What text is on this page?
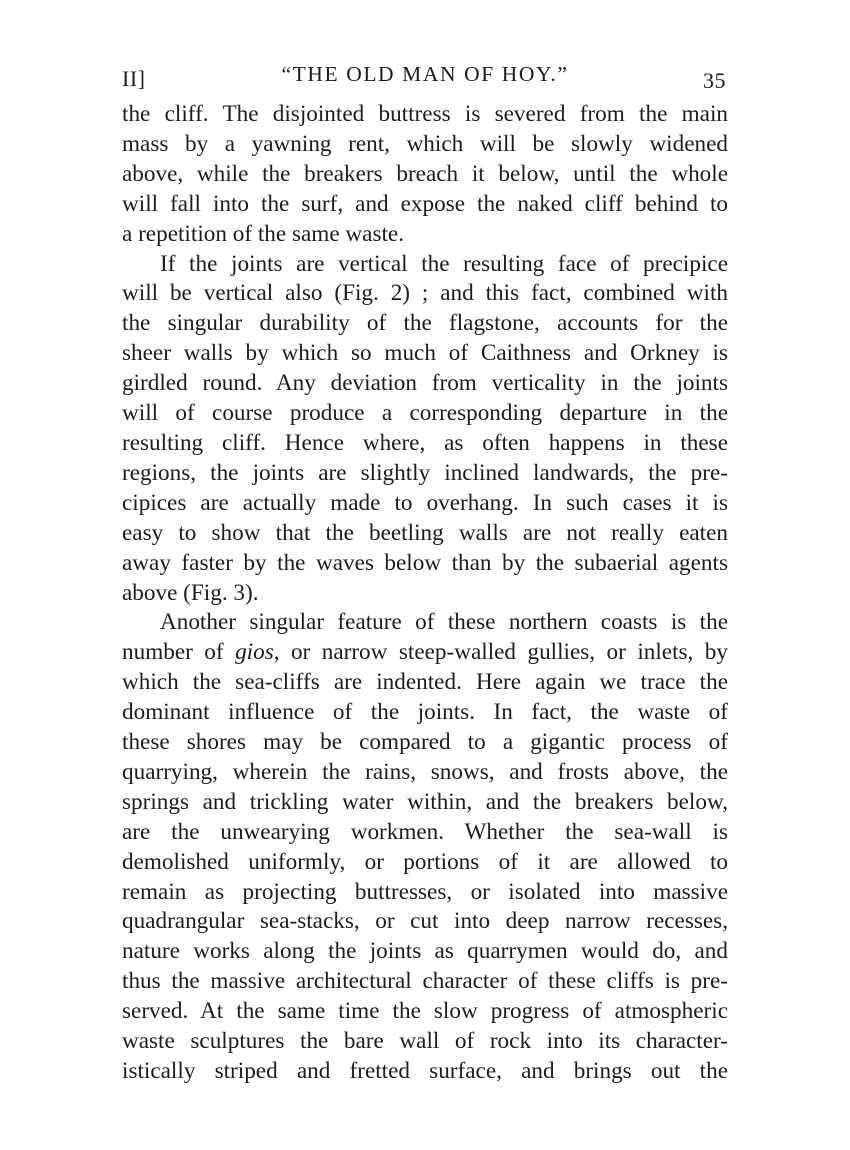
II]	“THE OLD MAN OF HOY.”	35

the cliff. The disjointed buttress is severed from the main
mass by a yawning rent, which will be slowly widened
above, while the breakers breach it below, until the whole
will fall into the surf, and expose the naked cliff behind to
a repetition of the same waste.

If the joints are vertical the resulting face of precipice
will be vertical also (Fig. 2) ; and this fact, combined with
the singular durability of the flagstone, accounts for the
sheer walls by which so much of Caithness and Orkney is
girdled round. Any deviation from verticality in the joints
will of course produce a corresponding departure in the
resulting cliff. Hence where, as often happens in these
regions, the joints are slightly inclined landwards, the pre-
cipices are actually made to overhang. In such cases it is
easy to show that the beetling walls are not really eaten
away faster by the waves below than by the subaerial agents
above (Fig. 3).

Another singular feature of these northern coasts is the
number of gios, or narrow steep-walled gullies, or inlets, by
which the sea-cliffs are indented. Here again we trace the
dominant influence of the joints. In fact, the waste of
these shores may be compared to a gigantic process of
quarrying, wherein the rains, snows, and frosts above, the
springs and trickling water within, and the breakers below,
are the unwearying workmen. Whether the sea-wall is
demolished uniformly, or portions of it are allowed to
remain as projecting buttresses, or isolated into massive
quadrangular sea-stacks, or cut into deep narrow recesses,
nature works along the joints as quarrymen would do, and
thus the massive architectural character of these cliffs is pre-
served. At the same time the slow progress of atmospheric
waste sculptures the bare wall of rock into its character-
istically striped and fretted surface, and brings out the
